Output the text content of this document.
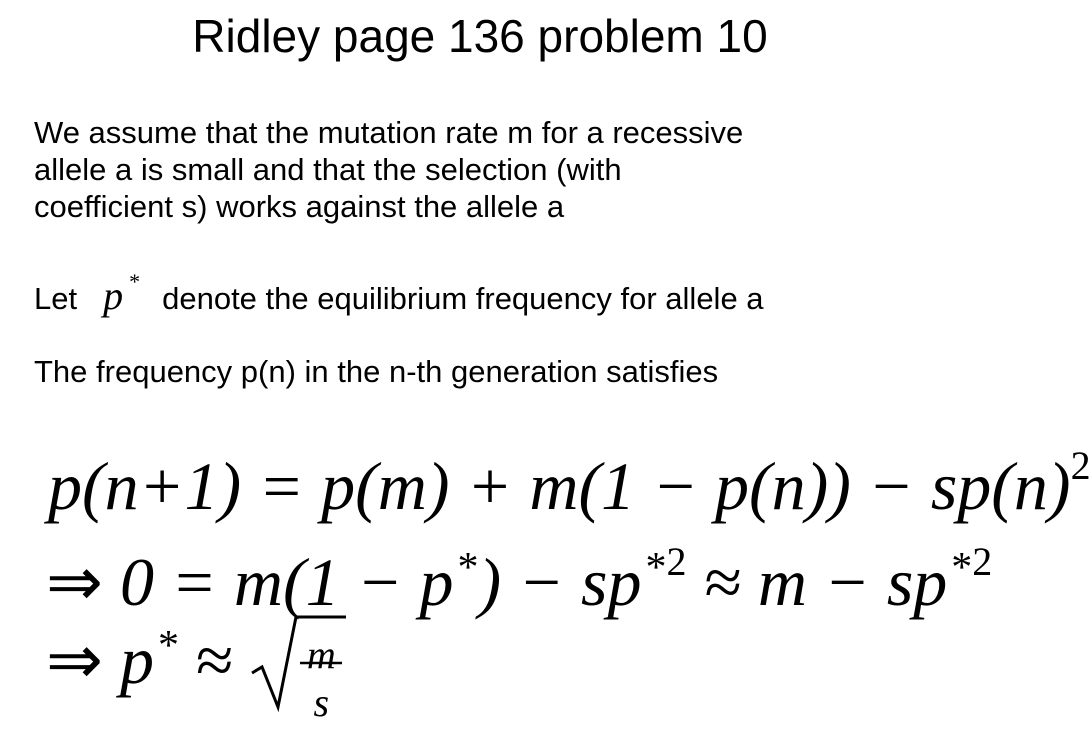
Ridley page 136 problem 10
We assume that the mutation rate m for a recessive
allele a is small and that the selection (with
coefficient s) works against the allele a
Let p * denote the equilibrium frequency for allele a
The frequency p(n) in the n-th generation satisfies
$p(n+1) = p(m) + m(1 - p(n)) - sp(n)^2$
⇒ $0 = m(1 - p^*) - sp^{*2} \approx m - sp^{*2}$
⇒ p* ≈ m
s
